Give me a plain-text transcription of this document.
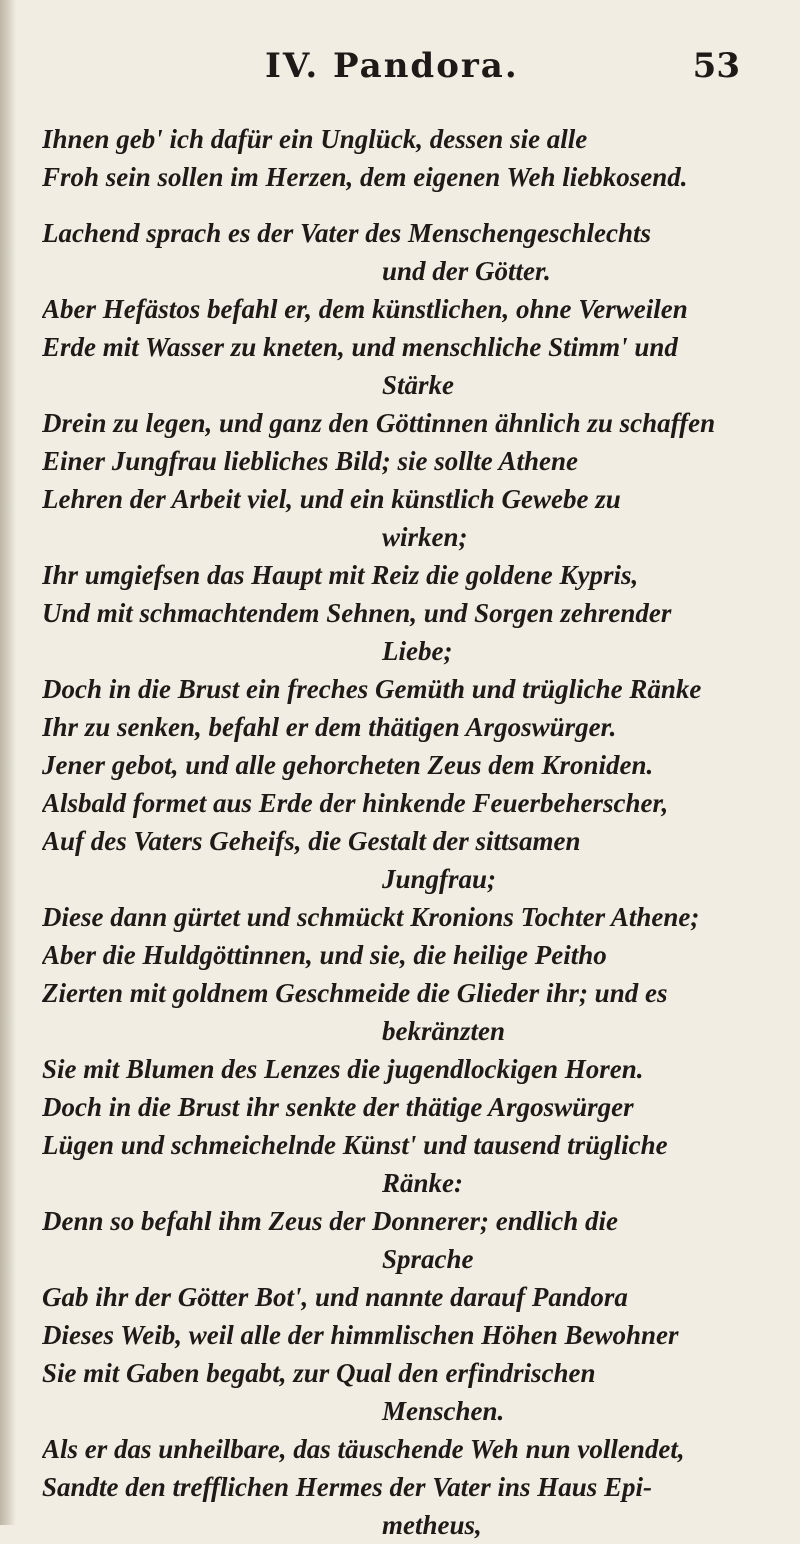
IV. Pandora.	53
Ihnen geb' ich dafür ein Unglück, dessen sie alle
Froh sein sollen im Herzen, dem eigenen Weh liebkosend.
Lachend sprach es der Vater des Menschengeschlechts
und der Götter.
Aber Hefästos befahl er, dem künstlichen, ohne Verweilen
Erde mit Wasser zu kneten, und menschliche Stimm' und
Stärke
Drein zu legen, und ganz den Göttinnen ähnlich zu schaffen
Einer Jungfrau liebliches Bild; sie sollte Athene
Lehren der Arbeit viel, und ein künstlich Gewebe zu
wirken;
Ihr umgiefsen das Haupt mit Reiz die goldene Kypris,
Und mit schmachtendem Sehnen, und Sorgen zehrender
Liebe;
Doch in die Brust ein freches Gemüth und trügliche Ränke
Ihr zu senken, befahl er dem thätigen Argoswürger.
Jener gebot, und alle gehorcheten Zeus dem Kroniden.
Alsbald formet aus Erde der hinkende Feuerbeherscher,
Auf des Vaters Geheifs, die Gestalt der sittsamen
Jungfrau;
Diese dann gürtet und schmückt Kronions Tochter Athene;
Aber die Huldgöttinnen, und sie, die heilige Peitho
Zierten mit goldnem Geschmeide die Glieder ihr; und es
bekränzten
Sie mit Blumen des Lenzes die jugendlockigen Horen.
Doch in die Brust ihr senkte der thätige Argoswürger
Lügen und schmeichelnde Künst' und tausend trügliche
Ränke:
Denn so befahl ihm Zeus der Donnerer; endlich die
Sprache
Gab ihr der Götter Bot', und nannte darauf Pandora
Dieses Weib, weil alle der himmlischen Höhen Bewohner
Sie mit Gaben begabt, zur Qual den erfindrischen
Menschen.
Als er das unheilbare, das täuschende Weh nun vollendet,
Sandte den trefflichen Hermes der Vater ins Haus Epi-
metheus,
